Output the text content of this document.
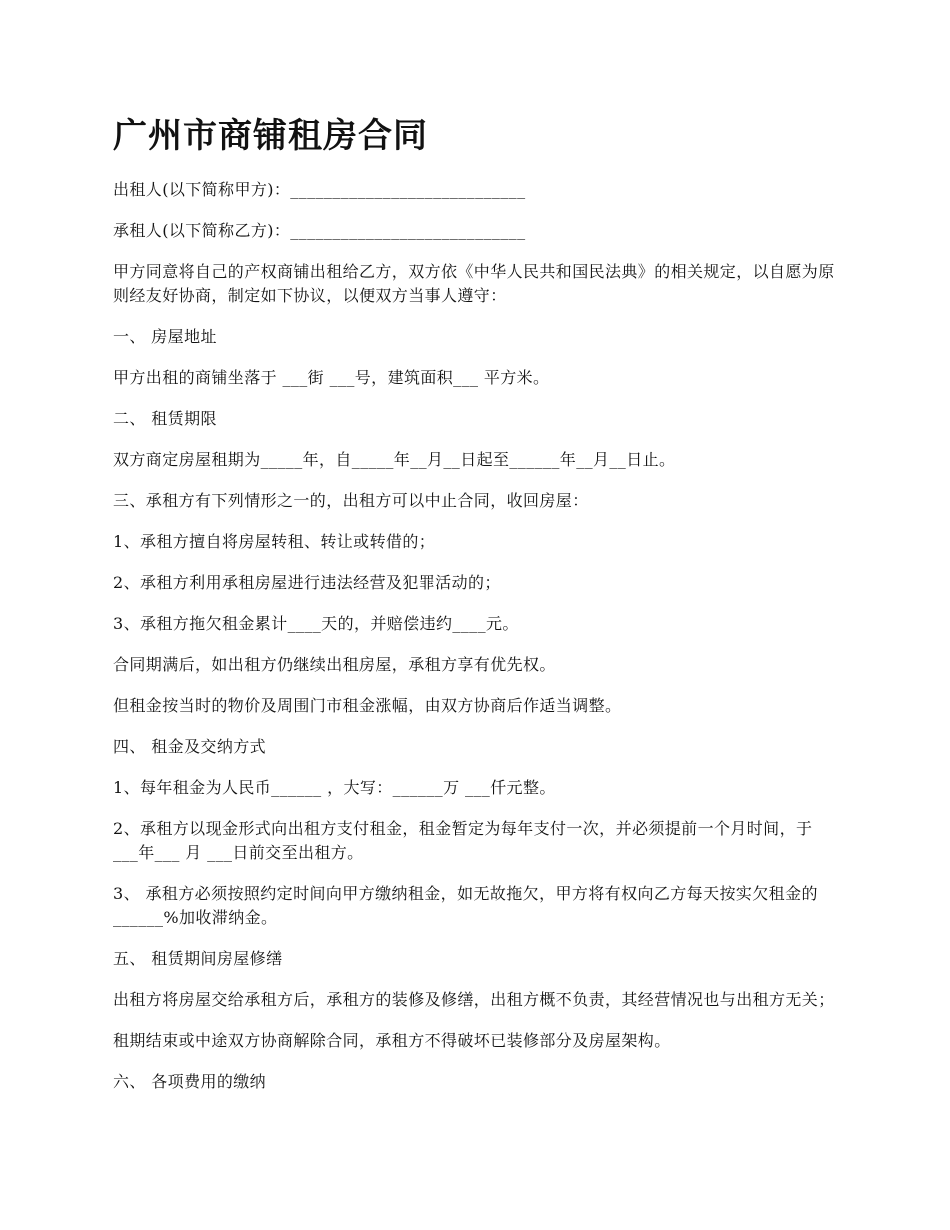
广州市商铺租房合同

出租人(以下简称甲方)：____________________________

承租人(以下简称乙方)：____________________________

甲方同意将自己的产权商铺出租给乙方，双方依《中华人民共和国民法典》的相关规定，以自愿为原则经友好协商，制定如下协议，以便双方当事人遵守：

一、 房屋地址

甲方出租的商铺坐落于 ___街 ___号，建筑面积___ 平方米。

二、 租赁期限

双方商定房屋租期为_____年，自_____年__月__日起至______年__月__日止。

三、承租方有下列情形之一的，出租方可以中止合同，收回房屋：

1、承租方擅自将房屋转租、转让或转借的；

2、承租方利用承租房屋进行违法经营及犯罪活动的；

3、承租方拖欠租金累计____天的，并赔偿违约____元。

合同期满后，如出租方仍继续出租房屋，承租方享有优先权。

但租金按当时的物价及周围门市租金涨幅，由双方协商后作适当调整。

四、 租金及交纳方式

1、每年租金为人民币______ ，大写：______万 ___仟元整。

2、承租方以现金形式向出租方支付租金，租金暂定为每年支付一次，并必须提前一个月时间，于 ___年___ 月 ___日前交至出租方。

3、 承租方必须按照约定时间向甲方缴纳租金，如无故拖欠，甲方将有权向乙方每天按实欠租金的______%加收滞纳金。

五、 租赁期间房屋修缮

出租方将房屋交给承租方后，承租方的装修及修缮，出租方概不负责，其经营情况也与出租方无关；

租期结束或中途双方协商解除合同，承租方不得破坏已装修部分及房屋架构。

六、 各项费用的缴纳
